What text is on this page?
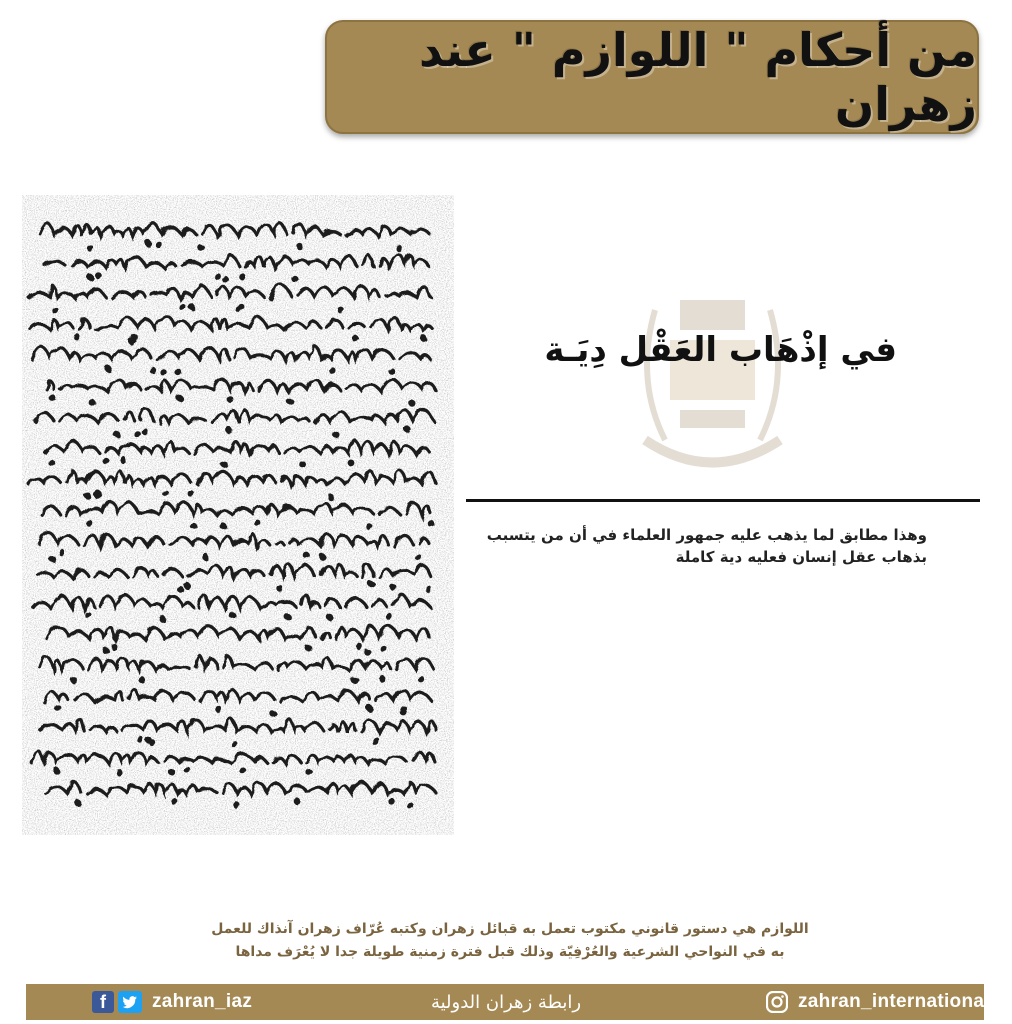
من أحكام " اللوازم " عند زهران
في إذْهَاب العَقْل دِيَـة
وهذا مطابق لما يذهب عليه جمهور العلماء في أن من يتسبب
بذهاب عقل إنسان فعليه دية كاملة
اللوازم هي دستور قانوني مكتوب تعمل به قبائل زهران وكتبه عُرّاف زهران آنذاك للعمل
به في النواحي الشرعية والعُرْفِيّة وذلك قبل فترة زمنية طويلة جدا لا يُعْرَف مداها
f	zahran_iaz	رابطة زهران الدولية	zahran_international
